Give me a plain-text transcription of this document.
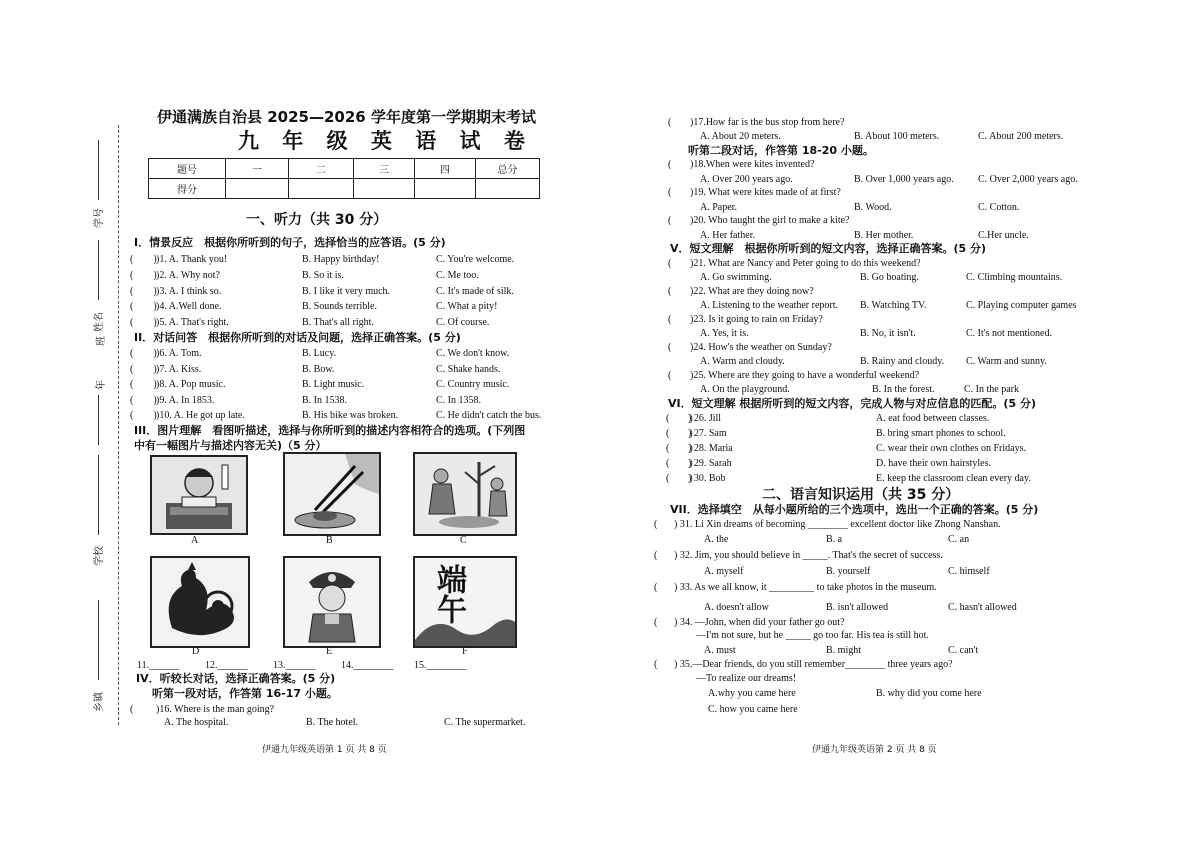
学号
姓名
班
年
学校
乡镇
伊通满族自治县 2025—2026 学年度第一学期期末考试
九 年 级 英 语 试 卷
题号	一	二	三	四	总分
得分					
一、听力（共 30 分）
I．情景反应　根据你所听到的句子，选择恰当的应答语。(5 分)
(　　) )1. A. Thank you!	B. Happy birthday!	C. You're welcome.
(　　) )2. A. Why not?	B. So it is.	C. Me too.
(　　) )3. A. I think so.	B. I like it very much.	C. It's made of silk.
(　　) )4. A.Well done.	B. Sounds terrible.	C. What a pity!
(　　) )5. A. That's right.	B. That's all right.	C. Of course.
II．对话问答　根据你所听到的对话及问题，选择正确答案。(5 分)
(　　) )6. A. Tom.	B. Lucy.	C. We don't know.
(　　) )7. A. Kiss.	B. Bow.	C. Shake hands.
(　　) )8. A. Pop music.	B. Light music.	C. Country music.
(　　) )9. A. In 1853.	B. In 1538.	C. In 1358.
(　　) )10. A. He got up late.	B. His bike was broken.	C. He didn't catch the bus.
III．图片理解　看图听描述，选择与你所听到的描述内容相符合的选项。(下列图
中有一幅图片与描述内容无关)（5 分）
A	B	C
D	E
端午
F
11.______	12.______	13.______	14.________ 15.________
IV．听较长对话，选择正确答案。(5 分)
听第一段对话，作答第 16-17 小题。
( )16. Where is the man going?
A. The hospital.	B. The hotel.	C. The supermarket.
伊通九年级英语第 1 页 共 8 页
( )17.How far is the bus stop from here?
A. About 20 meters.	B. About 100 meters.	C. About 200 meters.
听第二段对话，作答第 18-20 小题。
( )18.When were kites invented?
A. Over 200 years ago.	B. Over 1,000 years ago. C. Over 2,000 years ago.
( )19. What were kites made of at first?
A. Paper.	B. Wood.	C. Cotton.
( )20. Who taught the girl to make a kite?
A. Her father.	B. Her mother.	C.Her uncle.
V．短文理解　根据你所听到的短文内容，选择正确答案。(5 分)
( )21. What are Nancy and Peter going to do this weekend?
A. Go swimming.	B. Go boating.	C. Climbing mountains.
( )22. What are they doing now?
A. Listening to the weather report. B. Watching TV.	C. Playing computer games
( )23. Is it going to rain on Friday?
A. Yes, it is.	B. No, it isn't.	C. It's not mentioned.
( )24. How's the weather on Sunday?
A. Warm and cloudy.	B. Rainy and cloudy. C. Warm and sunny.
( )25. Where are they going to have a wonderful weekend?
A. On the playground.	B. In the forest.	C. In the park
VI．短文理解 根据所听到的短文内容，完成人物与对应信息的匹配。(5 分)
(　　)
) 26. Jill	A. eat food between classes.
(　　)
) 27. Sam	B. bring smart phones to school.
(　　)
) 28. Maria	C. wear their own clothes on Fridays.
(　　)
) 29. Sarah	D. have their own hairstyles.
(　　)
) 30. Bob	E. keep the classroom clean every day.
二、语言知识运用（共 35 分）
VII．选择填空　从每小题所给的三个选项中，选出一个正确的答案。(5 分)
( ) 31. Li Xin dreams of becoming ________ excellent doctor like Zhong Nanshan.
A. the	B. a	C. an
( ) 32. Jim, you should believe in _____. That's the secret of success.
A. myself	B. yourself	C. himself
( ) 33. As we all know, it _________ to take photos in the museum.
A. doesn't allow	B. isn't allowed	C. hasn't allowed
( ) 34. —John, when did your father go out?
—I'm not sure, but he _____ go too far. His tea is still hot.
A. must	B. might	C. can't
( ) 35.—Dear friends, do you still remember________ three years ago?
—To realize our dreams!
A.why you came here	B. why did you come here
C. how you came here
伊通九年级英语第 2 页 共 8 页
